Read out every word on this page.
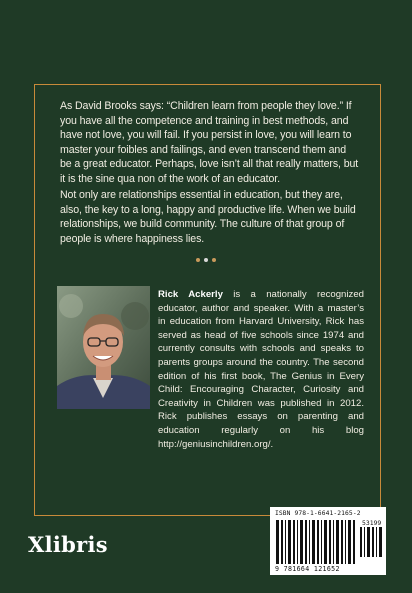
As David Brooks says: “Children learn from people they love.” If you have all the competence and training in best methods, and have not love, you will fail. If you persist in love, you will learn to master your foibles and failings, and even transcend them and be a great educator. Perhaps, love isn’t all that really matters, but it is the sine qua non of the work of an educator.

Not only are relationships essential in education, but they are, also, the key to a long, happy and productive life. When we build relationships, we build community. The culture of that group of people is where happiness lies.

Rick Ackerly is a nationally recognized educator, author and speaker. With a master’s in education from Harvard University, Rick has served as head of five schools since 1974 and currently consults with schools and speaks to parents groups around the country. The second edition of his first book, The Genius in Every Child: Encouraging Character, Curiosity and Creativity in Children was published in 2012. Rick publishes essays on parenting and education regularly on his blog http://geniusinchildren.org/.

Xlibris
ISBN 978-1-6641-2165-2
53199
9 781664 121652
